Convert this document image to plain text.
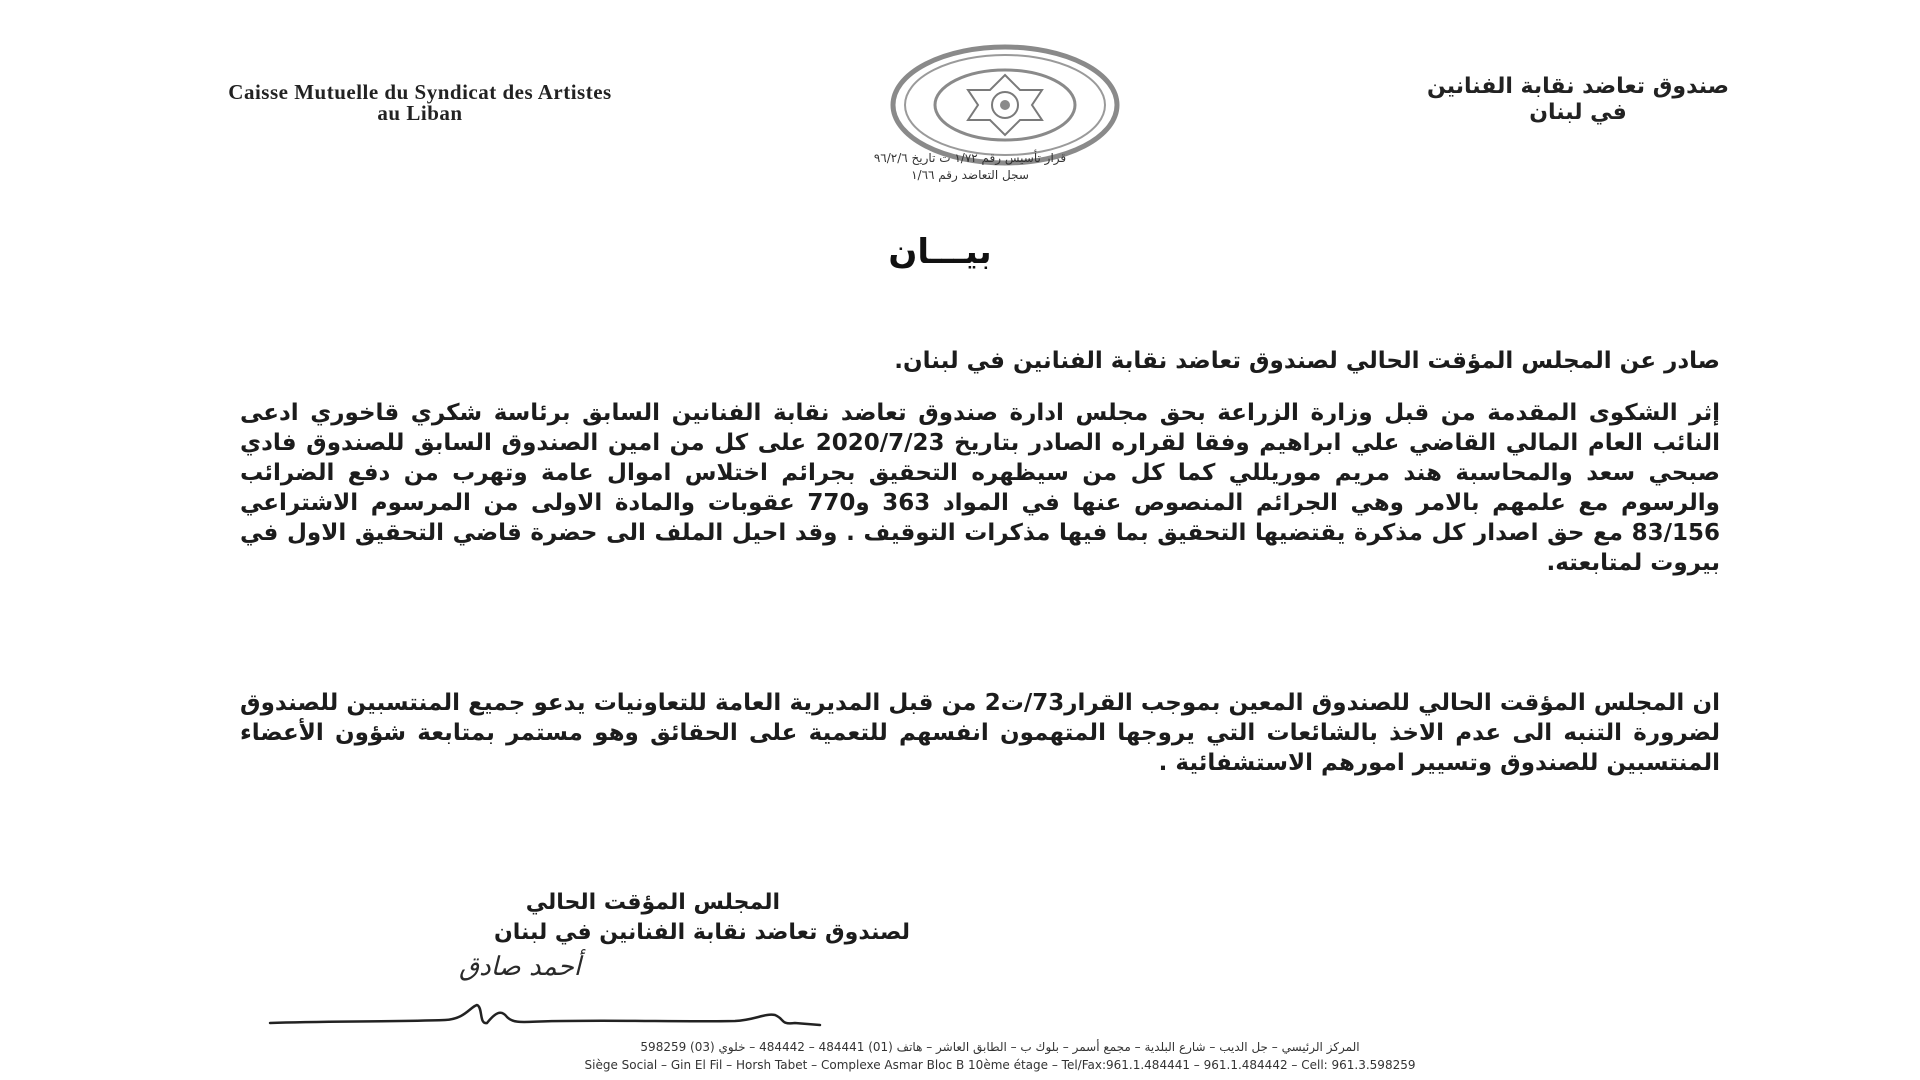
Caisse Mutuelle du Syndicat des Artistes
au Liban
صندوق تعاضد نقابة الفنانين
في لبنان
قرار تأسيس رقم ١/٧٢ ت تاريخ ٩٦/٢/٦
سجل التعاضد رقم ١/٦٦
بيـــان
صادر عن المجلس المؤقت الحالي لصندوق تعاضد نقابة الفنانين في لبنان.
إثر الشكوى المقدمة من قبل وزارة الزراعة بحق مجلس ادارة صندوق تعاضد نقابة الفنانين السابق برئاسة شكري قاخوري ادعى النائب العام المالي القاضي علي ابراهيم وفقا لقراره الصادر بتاريخ 2020/7/23 على كل من امين الصندوق السابق للصندوق فادي صبحي سعد والمحاسبة هند مريم موريللي كما كل من سيظهره التحقيق بجرائم اختلاس اموال عامة وتهرب من دفع الضرائب والرسوم مع علمهم بالامر وهي الجرائم المنصوص عنها في المواد 363 و770 عقوبات والمادة الاولى من المرسوم الاشتراعي 83/156 مع حق اصدار كل مذكرة يقتضيها التحقيق بما فيها مذكرات التوقيف . وقد احيل الملف الى حضرة قاضي التحقيق الاول في بيروت لمتابعته.
ان المجلس المؤقت الحالي للصندوق المعين بموجب القرار73/ت2 من قبل المديرية العامة للتعاونيات يدعو جميع المنتسبين للصندوق لضرورة التنبه الى عدم الاخذ بالشائعات التي يروجها المتهمون انفسهم للتعمية على الحقائق وهو مستمر بمتابعة شؤون الأعضاء المنتسبين للصندوق وتسيير امورهم الاستشفائية .
المجلس المؤقت الحالي
لصندوق تعاضد نقابة الفنانين في لبنان
أحمد صادق
المركز الرئيسي – جل الديب – شارع البلدية – مجمع أسمر – بلوك ب – الطابق العاشر – هاتف (01) 484441 – 484442 – خلوي (03) 598259
Siège Social – Gin El Fil – Horsh Tabet – Complexe Asmar Bloc B 10ème étage – Tel/Fax:961.1.484441 – 961.1.484442 – Cell: 961.3.598259
